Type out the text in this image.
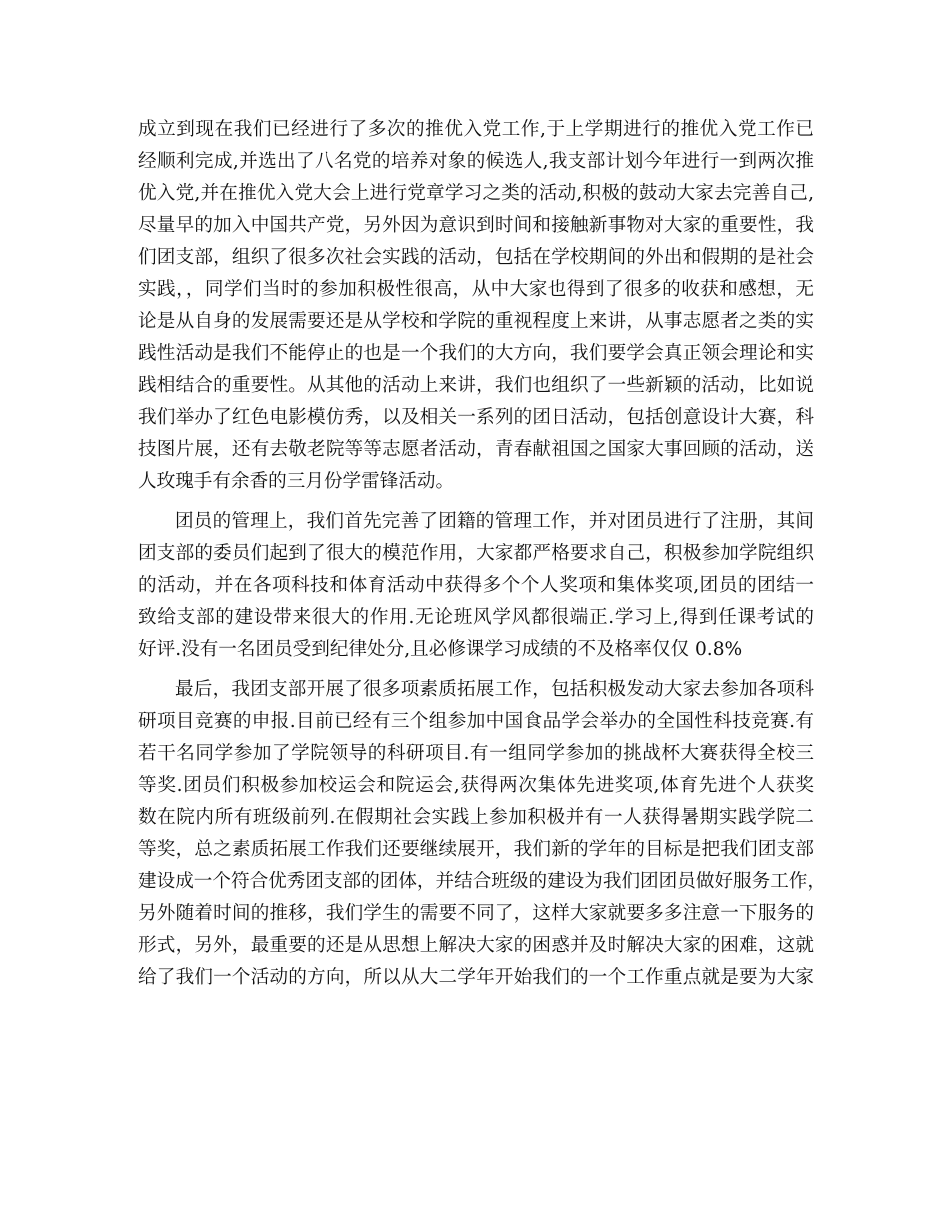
成立到现在我们已经进行了多次的推优入党工作,于上学期进行的推优入党工作已
经顺利完成,并选出了八名党的培养对象的候选人,我支部计划今年进行一到两次推
优入党,并在推优入党大会上进行党章学习之类的活动,积极的鼓动大家去完善自己,
尽量早的加入中国共产党，另外因为意识到时间和接触新事物对大家的重要性，我
们团支部，组织了很多次社会实践的活动，包括在学校期间的外出和假期的是社会
实践，，同学们当时的参加积极性很高，从中大家也得到了很多的收获和感想，无
论是从自身的发展需要还是从学校和学院的重视程度上来讲，从事志愿者之类的实
践性活动是我们不能停止的也是一个我们的大方向，我们要学会真正领会理论和实
践相结合的重要性。从其他的活动上来讲，我们也组织了一些新颖的活动，比如说
我们举办了红色电影模仿秀，以及相关一系列的团日活动，包括创意设计大赛，科
技图片展，还有去敬老院等等志愿者活动，青春献祖国之国家大事回顾的活动，送
人玫瑰手有余香的三月份学雷锋活动。
团员的管理上，我们首先完善了团籍的管理工作，并对团员进行了注册，其间
团支部的委员们起到了很大的模范作用，大家都严格要求自己，积极参加学院组织
的活动，并在各项科技和体育活动中获得多个个人奖项和集体奖项,团员的团结一
致给支部的建设带来很大的作用.无论班风学风都很端正.学习上,得到任课考试的
好评.没有一名团员受到纪律处分,且必修课学习成绩的不及格率仅仅 0.8%
最后，我团支部开展了很多项素质拓展工作，包括积极发动大家去参加各项科
研项目竞赛的申报.目前已经有三个组参加中国食品学会举办的全国性科技竞赛.有
若干名同学参加了学院领导的科研项目.有一组同学参加的挑战杯大赛获得全校三
等奖.团员们积极参加校运会和院运会,获得两次集体先进奖项,体育先进个人获奖
数在院内所有班级前列.在假期社会实践上参加积极并有一人获得暑期实践学院二
等奖，总之素质拓展工作我们还要继续展开，我们新的学年的目标是把我们团支部
建设成一个符合优秀团支部的团体，并结合班级的建设为我们团团员做好服务工作，
另外随着时间的推移，我们学生的需要不同了，这样大家就要多多注意一下服务的
形式，另外，最重要的还是从思想上解决大家的困惑并及时解决大家的困难，这就
给了我们一个活动的方向，所以从大二学年开始我们的一个工作重点就是要为大家
